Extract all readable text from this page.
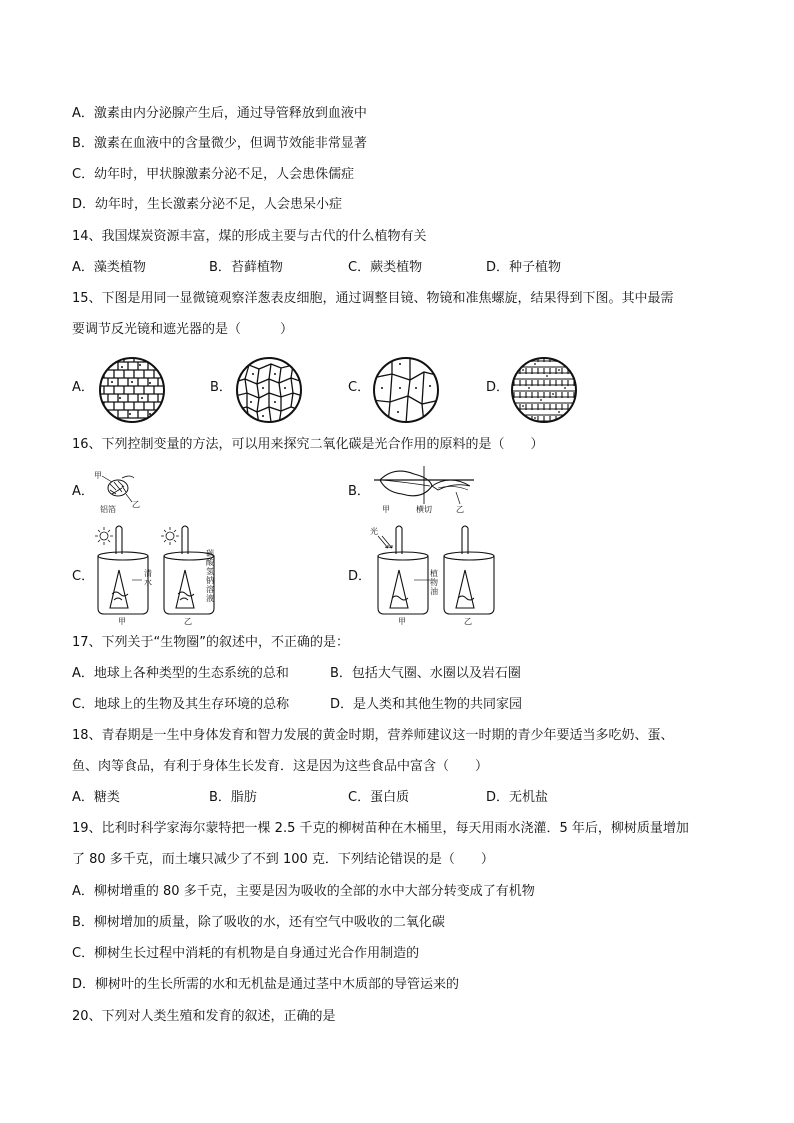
A．激素由内分泌腺产生后，通过导管释放到血液中
B．激素在血液中的含量微少，但调节效能非常显著
C．幼年时，甲状腺激素分泌不足，人会患侏儒症
D．幼年时，生长激素分泌不足，人会患呆小症
14、我国煤炭资源丰富，煤的形成主要与古代的什么植物有关
A．藻类植物	B．苔藓植物	C．蕨类植物	D．种子植物
15、下图是用同一显微镜观察洋葱表皮细胞，通过调整目镜、物镜和准焦螺旋，结果得到下图。其中最需
要调节反光镜和遮光器的是（　　　）
A．	B．	C．	D．
16、下列控制变量的方法，可以用来探究二氧化碳是光合作用的原料的是（　　）
A．
甲
乙
铝箔
B．
甲	横切	乙
C．	清水
碳酸氢钠溶液
甲	乙
D．
光
植物油
甲	乙
17、下列关于“生物圈”的叙述中，不正确的是：
A．地球上各种类型的生态系统的总和	B．包括大气圈、水圈以及岩石圈
C．地球上的生物及其生存环境的总称	D．是人类和其他生物的共同家园
18、青春期是一生中身体发育和智力发展的黄金时期，营养师建议这一时期的青少年要适当多吃奶、蛋、
鱼、肉等食品，有利于身体生长发育．这是因为这些食品中富含（　　）
A．糖类	B．脂肪	C．蛋白质	D．无机盐
19、比利时科学家海尔蒙特把一棵 2.5 千克的柳树苗种在木桶里，每天用雨水浇灌．5 年后，柳树质量增加
了 80 多千克，而土壤只减少了不到 100 克．下列结论错误的是（　　）
A．柳树增重的 80 多千克，主要是因为吸收的全部的水中大部分转变成了有机物
B．柳树增加的质量，除了吸收的水，还有空气中吸收的二氧化碳
C．柳树生长过程中消耗的有机物是自身通过光合作用制造的
D．柳树叶的生长所需的水和无机盐是通过茎中木质部的导管运来的
20、下列对人类生殖和发育的叙述，正确的是
